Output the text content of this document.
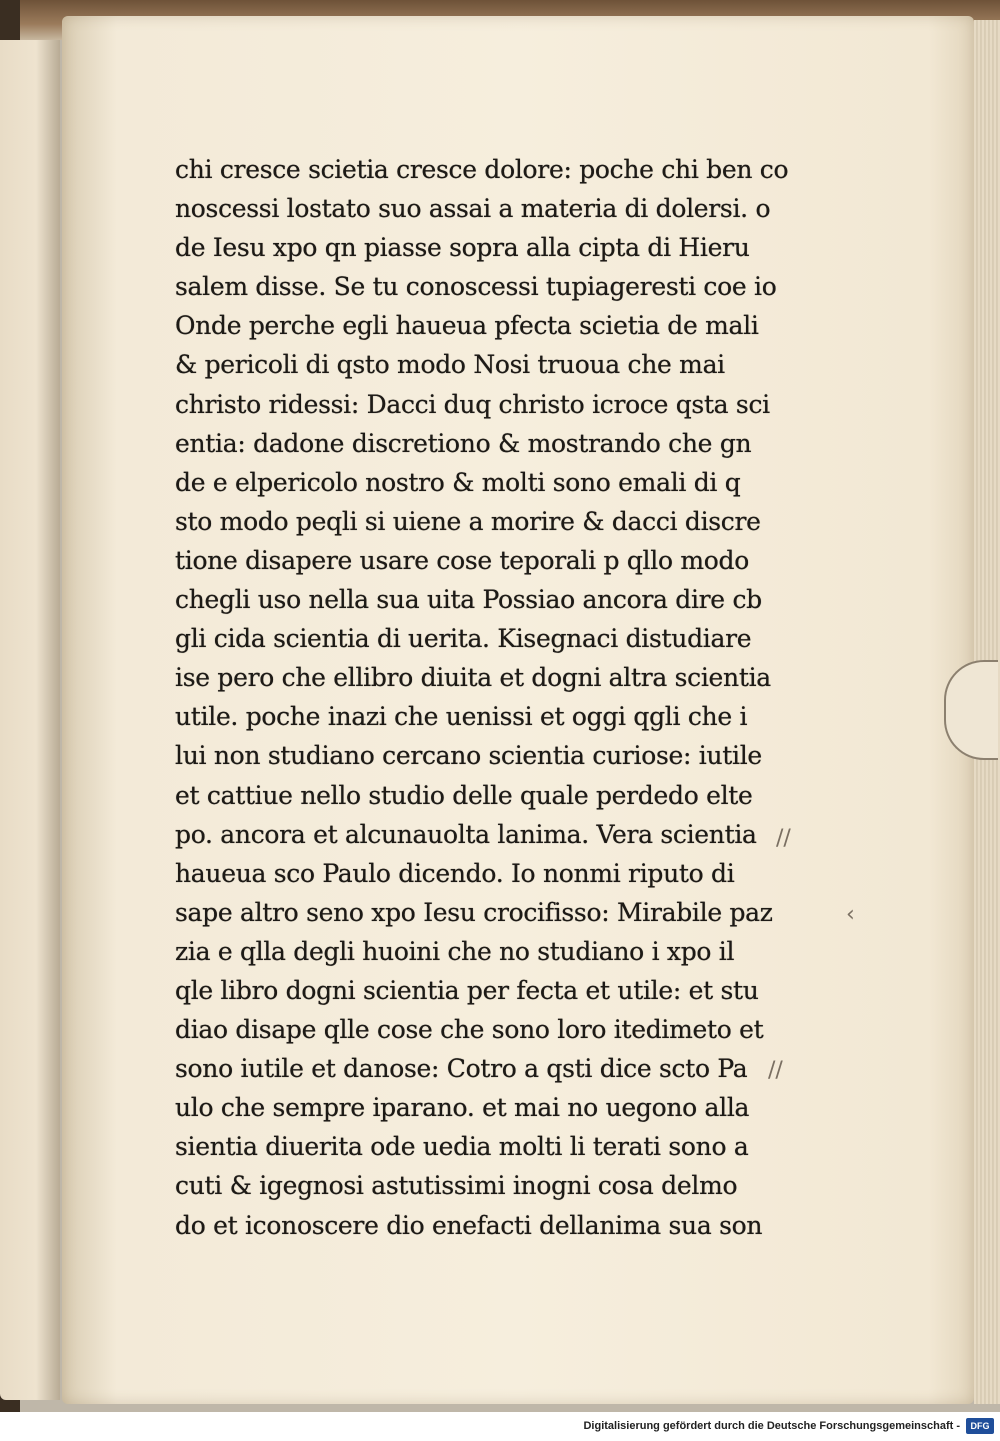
//
‹
//
chi cresce scietia cresce dolore: poche chi ben co
noscessi lostato suo assai a materia di dolersi. o
de Iesu xpo qn piasse sopra alla cipta di Hieru
salem disse. Se tu conoscessi tupiageresti coe io
Onde perche egli haueua pfecta scietia de mali
& pericoli di qsto modo Nosi truoua che mai
christo ridessi: Dacci duq christo icroce qsta sci
entia: dadone discretiono & mostrando che gn
de e elpericolo nostro & molti sono emali di q
sto modo peqli si uiene a morire & dacci discre
tione disapere usare cose teporali p qllo modo
chegli uso nella sua uita Possiao ancora dire cb
gli cida scientia di uerita. Kisegnaci distudiare
ise pero che ellibro diuita et dogni altra scientia
utile. poche inazi che uenissi et oggi qgli che i
lui non studiano cercano scientia curiose: iutile
et cattiue nello studio delle quale perdedo elte
po. ancora et alcunauolta lanima. Vera scientia
haueua sco Paulo dicendo. Io nonmi riputo di
sape altro seno xpo Iesu crocifisso: Mirabile paz
zia e qlla degli huoini che no studiano i xpo il
qle libro dogni scientia per fecta et utile: et stu
diao disape qlle cose che sono loro itedimeto et
sono iutile et danose: Cotro a qsti dice scto Pa
ulo che sempre iparano. et mai no uegono alla
sientia diuerita ode uedia molti li terati sono a
cuti & igegnosi astutissimi inogni cosa delmo
do et iconoscere dio enefacti dellanima sua son
Digitalisierung gefördert durch die Deutsche Forschungsgemeinschaft -	DFG
